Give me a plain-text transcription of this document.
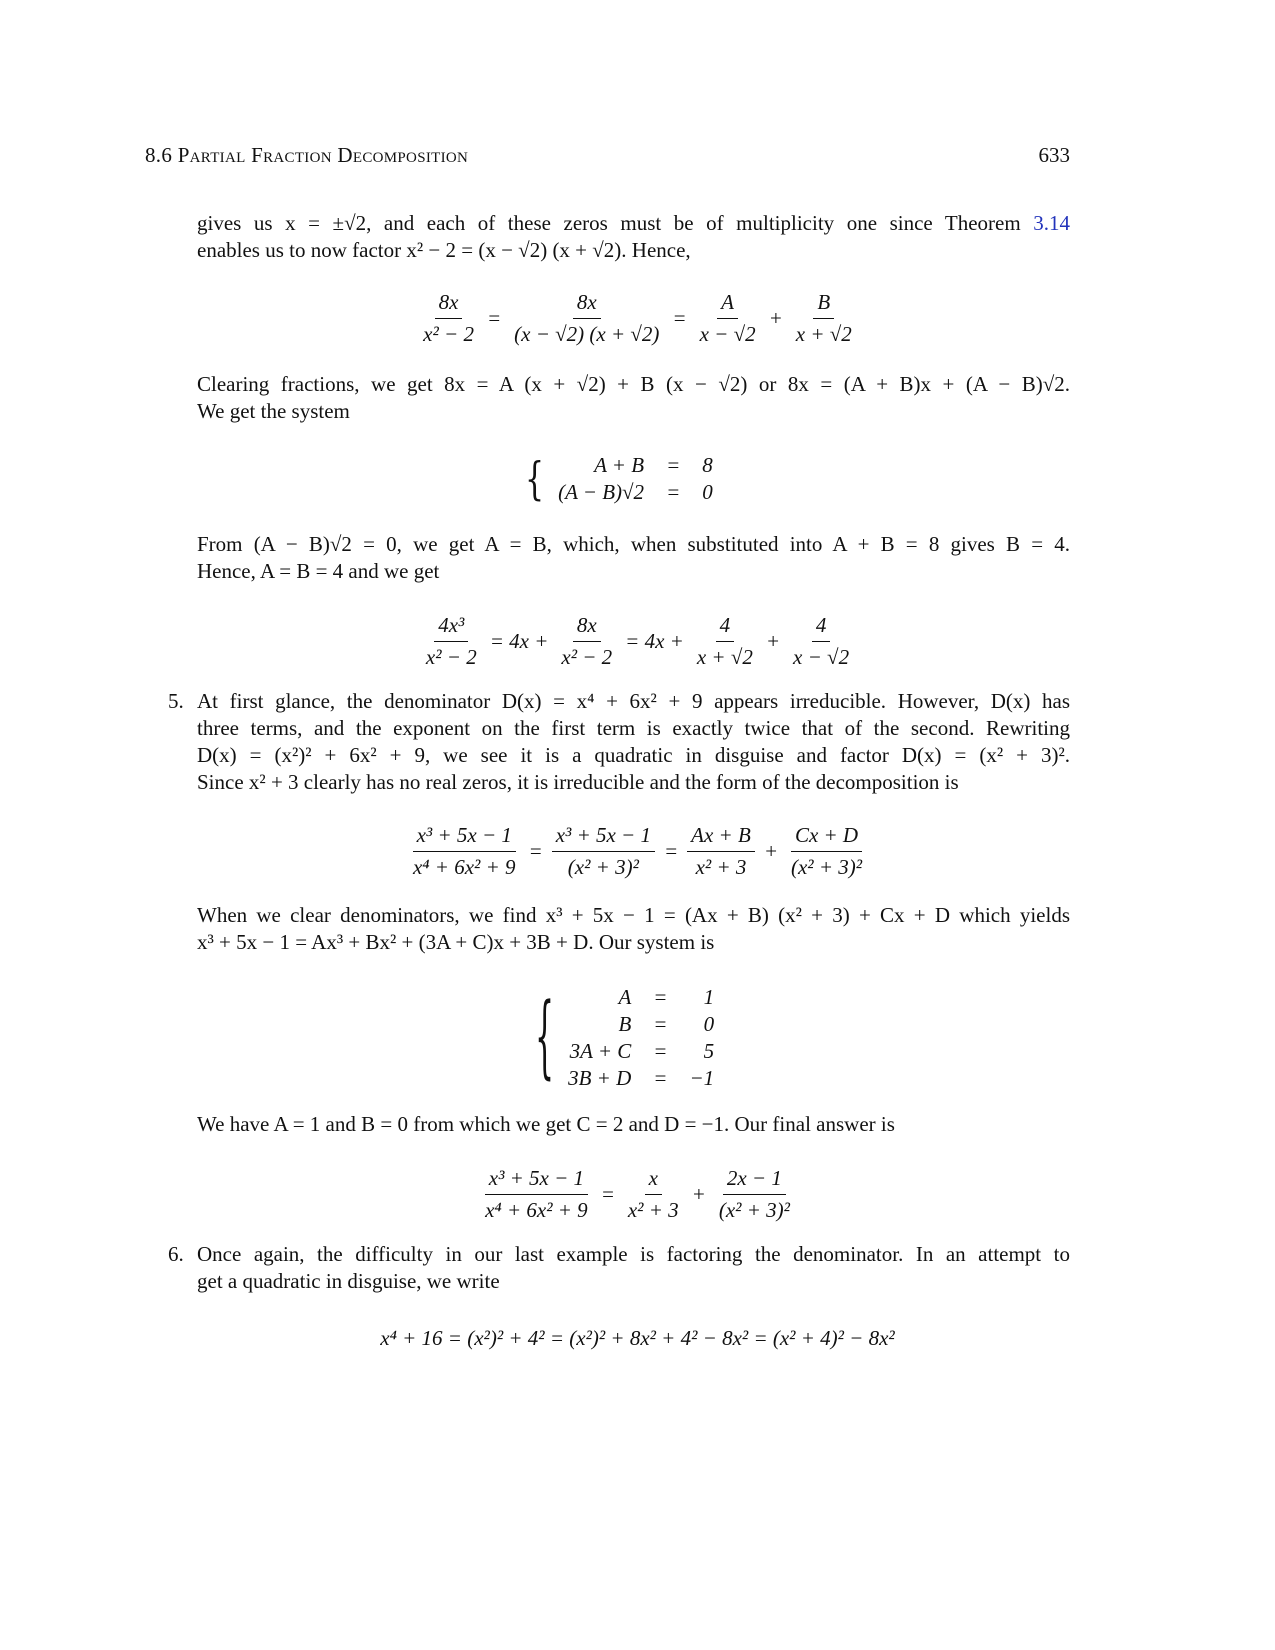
8.6 Partial Fraction Decomposition	633
gives us x = ±√2, and each of these zeros must be of multiplicity one since Theorem 3.14
enables us to now factor x² − 2 = (x − √2) (x + √2). Hence,
$\frac{8x}{\text{x² − 2}} = \frac{8x}{(x - √2) (x + √2)} = \frac{A}{x - √2} + \frac{B}{x + √2}$
Clearing fractions, we get 8x = A (x + √2) + B (x − √2) or 8x = (A + B)x + (A − B)√2.
We get the system
{ A + B	=	8
(A − B)√2	=	0
From (A − B)√2 = 0, we get A = B, which, when substituted into A + B = 8 gives B = 4.
Hence, A = B = 4 and we get
$\frac{\text{4x³}}{\text{x² − 2}} = 4x + \frac{8x}{\text{x² − 2}} = 4x + \frac{4}{x + √2} + \frac{4}{x - √2}$
5. At first glance, the denominator D(x) = x⁴ + 6x² + 9 appears irreducible. However, D(x) has
three terms, and the exponent on the first term is exactly twice that of the second. Rewriting
D(x) = (x²)² + 6x² + 9, we see it is a quadratic in disguise and factor D(x) = (x² + 3)².
Since x² + 3 clearly has no real zeros, it is irreducible and the form of the decomposition is
$\frac{\text{x³ + 5x − 1}}{\text{x⁴ + 6x² + 9}} = \frac{\text{x³ + 5x − 1}}{\text{(x² + 3)²}} = \frac{Ax + B}{\text{x² + 3}} + \frac{Cx + D}{\text{(x² + 3)²}}$
When we clear denominators, we find x³ + 5x − 1 = (Ax + B) (x² + 3) + Cx + D which yields
x³ + 5x − 1 = Ax³ + Bx² + (3A + C)x + 3B + D. Our system is
{	A	=	1
B	=	0
3A + C	=	5
3B + D	=	−1
We have A = 1 and B = 0 from which we get C = 2 and D = −1. Our final answer is
$\frac{\text{x³ + 5x − 1}}{\text{x⁴ + 6x² + 9}} = \frac{x}{\text{x² + 3}} + \frac{2x - 1}{\text{(x² + 3)²}}$
6. Once again, the difficulty in our last example is factoring the denominator. In an attempt to
get a quadratic in disguise, we write
x⁴ + 16 = (x²)² + 4² = (x²)² + 8x² + 4² − 8x² = (x² + 4)² − 8x²
